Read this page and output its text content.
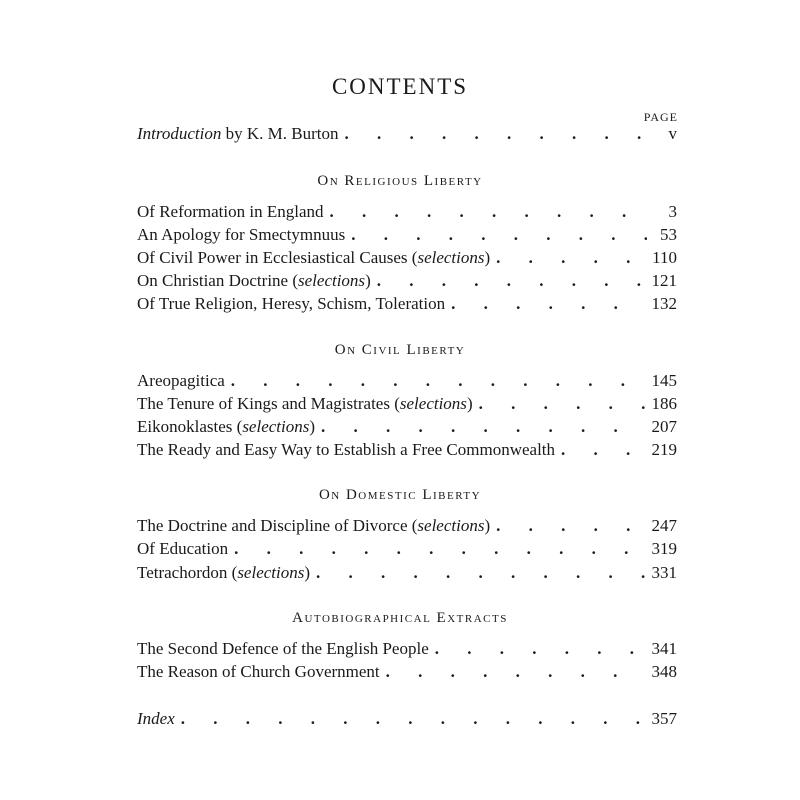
CONTENTS
PAGE
Introduction by K. M. Burton . . .	v
On Religious Liberty
Of Reformation in England . . .	3
An Apology for Smectymnuus . . .	53
Of Civil Power in Ecclesiastical Causes (selections) . . .	110
On Christian Doctrine (selections) . . .	121
Of True Religion, Heresy, Schism, Toleration . . .	132
On Civil Liberty
Areopagitica . . .	145
The Tenure of Kings and Magistrates (selections) . . .	186
Eikonoklastes (selections) . . .	207
The Ready and Easy Way to Establish a Free Commonwealth . . .	219
On Domestic Liberty
The Doctrine and Discipline of Divorce (selections) . . .	247
Of Education . . .	319
Tetrachordon (selections) . . .	331
Autobiographical Extracts
The Second Defence of the English People . . .	341
The Reason of Church Government . . .	348
Index . . .	357
